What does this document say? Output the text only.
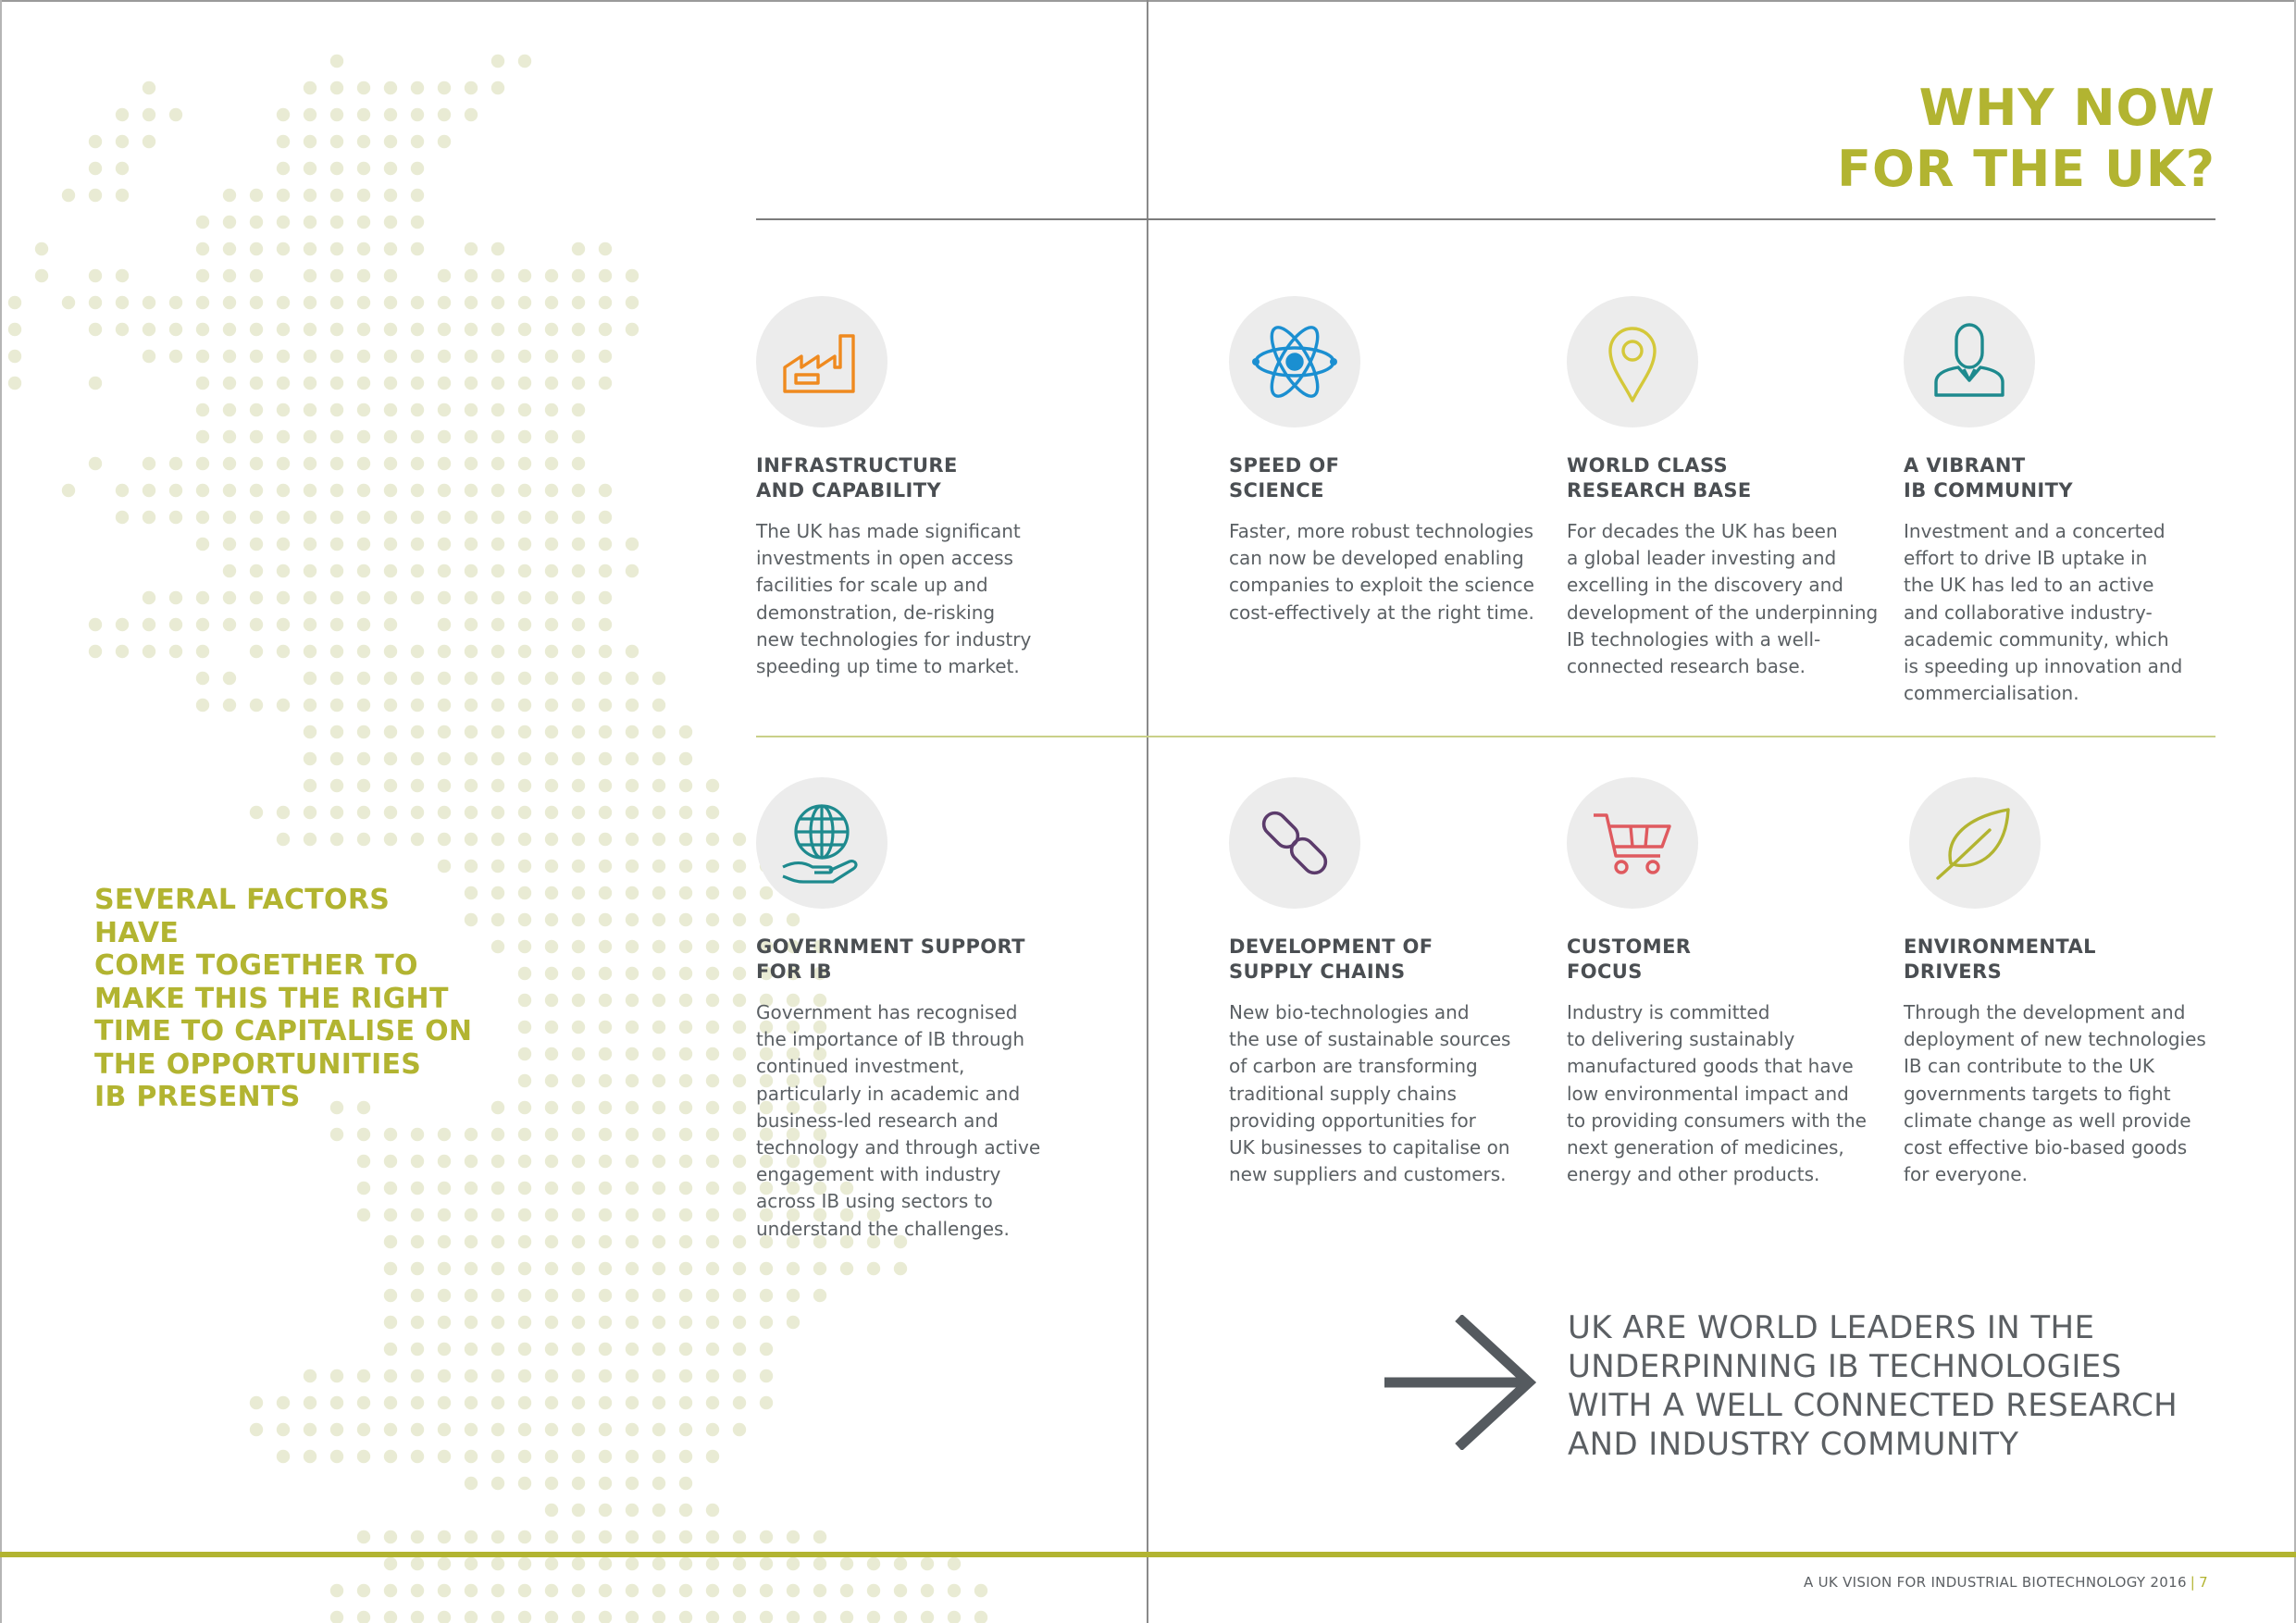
WHY NOW
FOR THE UK?
SEVERAL FACTORS HAVE
COME TOGETHER TO
MAKE THIS THE RIGHT
TIME TO CAPITALISE ON
THE OPPORTUNITIES
IB PRESENTS
INFRASTRUCTURE
AND CAPABILITY

The UK has made significant
investments in open access
facilities for scale up and
demonstration, de-risking
new technologies for industry
speeding up time to market.

SPEED OF
SCIENCE

Faster, more robust technologies
can now be developed enabling
companies to exploit the science
cost-effectively at the right time.

WORLD CLASS
RESEARCH BASE

For decades the UK has been
a global leader investing and
excelling in the discovery and
development of the underpinning
IB technologies with a well-
connected research base.

A VIBRANT
IB COMMUNITY

Investment and a concerted
effort to drive IB uptake in
the UK has led to an active
and collaborative industry-
academic community, which
is speeding up innovation and
commercialisation.

GOVERNMENT SUPPORT
FOR IB

Government has recognised
the importance of IB through
continued investment,
particularly in academic and
business-led research and
technology and through active
engagement with industry
across IB using sectors to
understand the challenges.

DEVELOPMENT OF
SUPPLY CHAINS

New bio-technologies and
the use of sustainable sources
of carbon are transforming
traditional supply chains
providing opportunities for
UK businesses to capitalise on
new suppliers and customers.

CUSTOMER
FOCUS

Industry is committed
to delivering sustainably
manufactured goods that have
low environmental impact and
to providing consumers with the
next generation of medicines,
energy and other products.

ENVIRONMENTAL
DRIVERS

Through the development and
deployment of new technologies
IB can contribute to the UK
governments targets to fight
climate change as well provide
cost effective bio-based goods
for everyone.

UK ARE WORLD LEADERS IN THE
UNDERPINNING IB TECHNOLOGIES
WITH A WELL CONNECTED RESEARCH
AND INDUSTRY COMMUNITY

A UK VISION FOR INDUSTRIAL BIOTECHNOLOGY 2016 | 7
